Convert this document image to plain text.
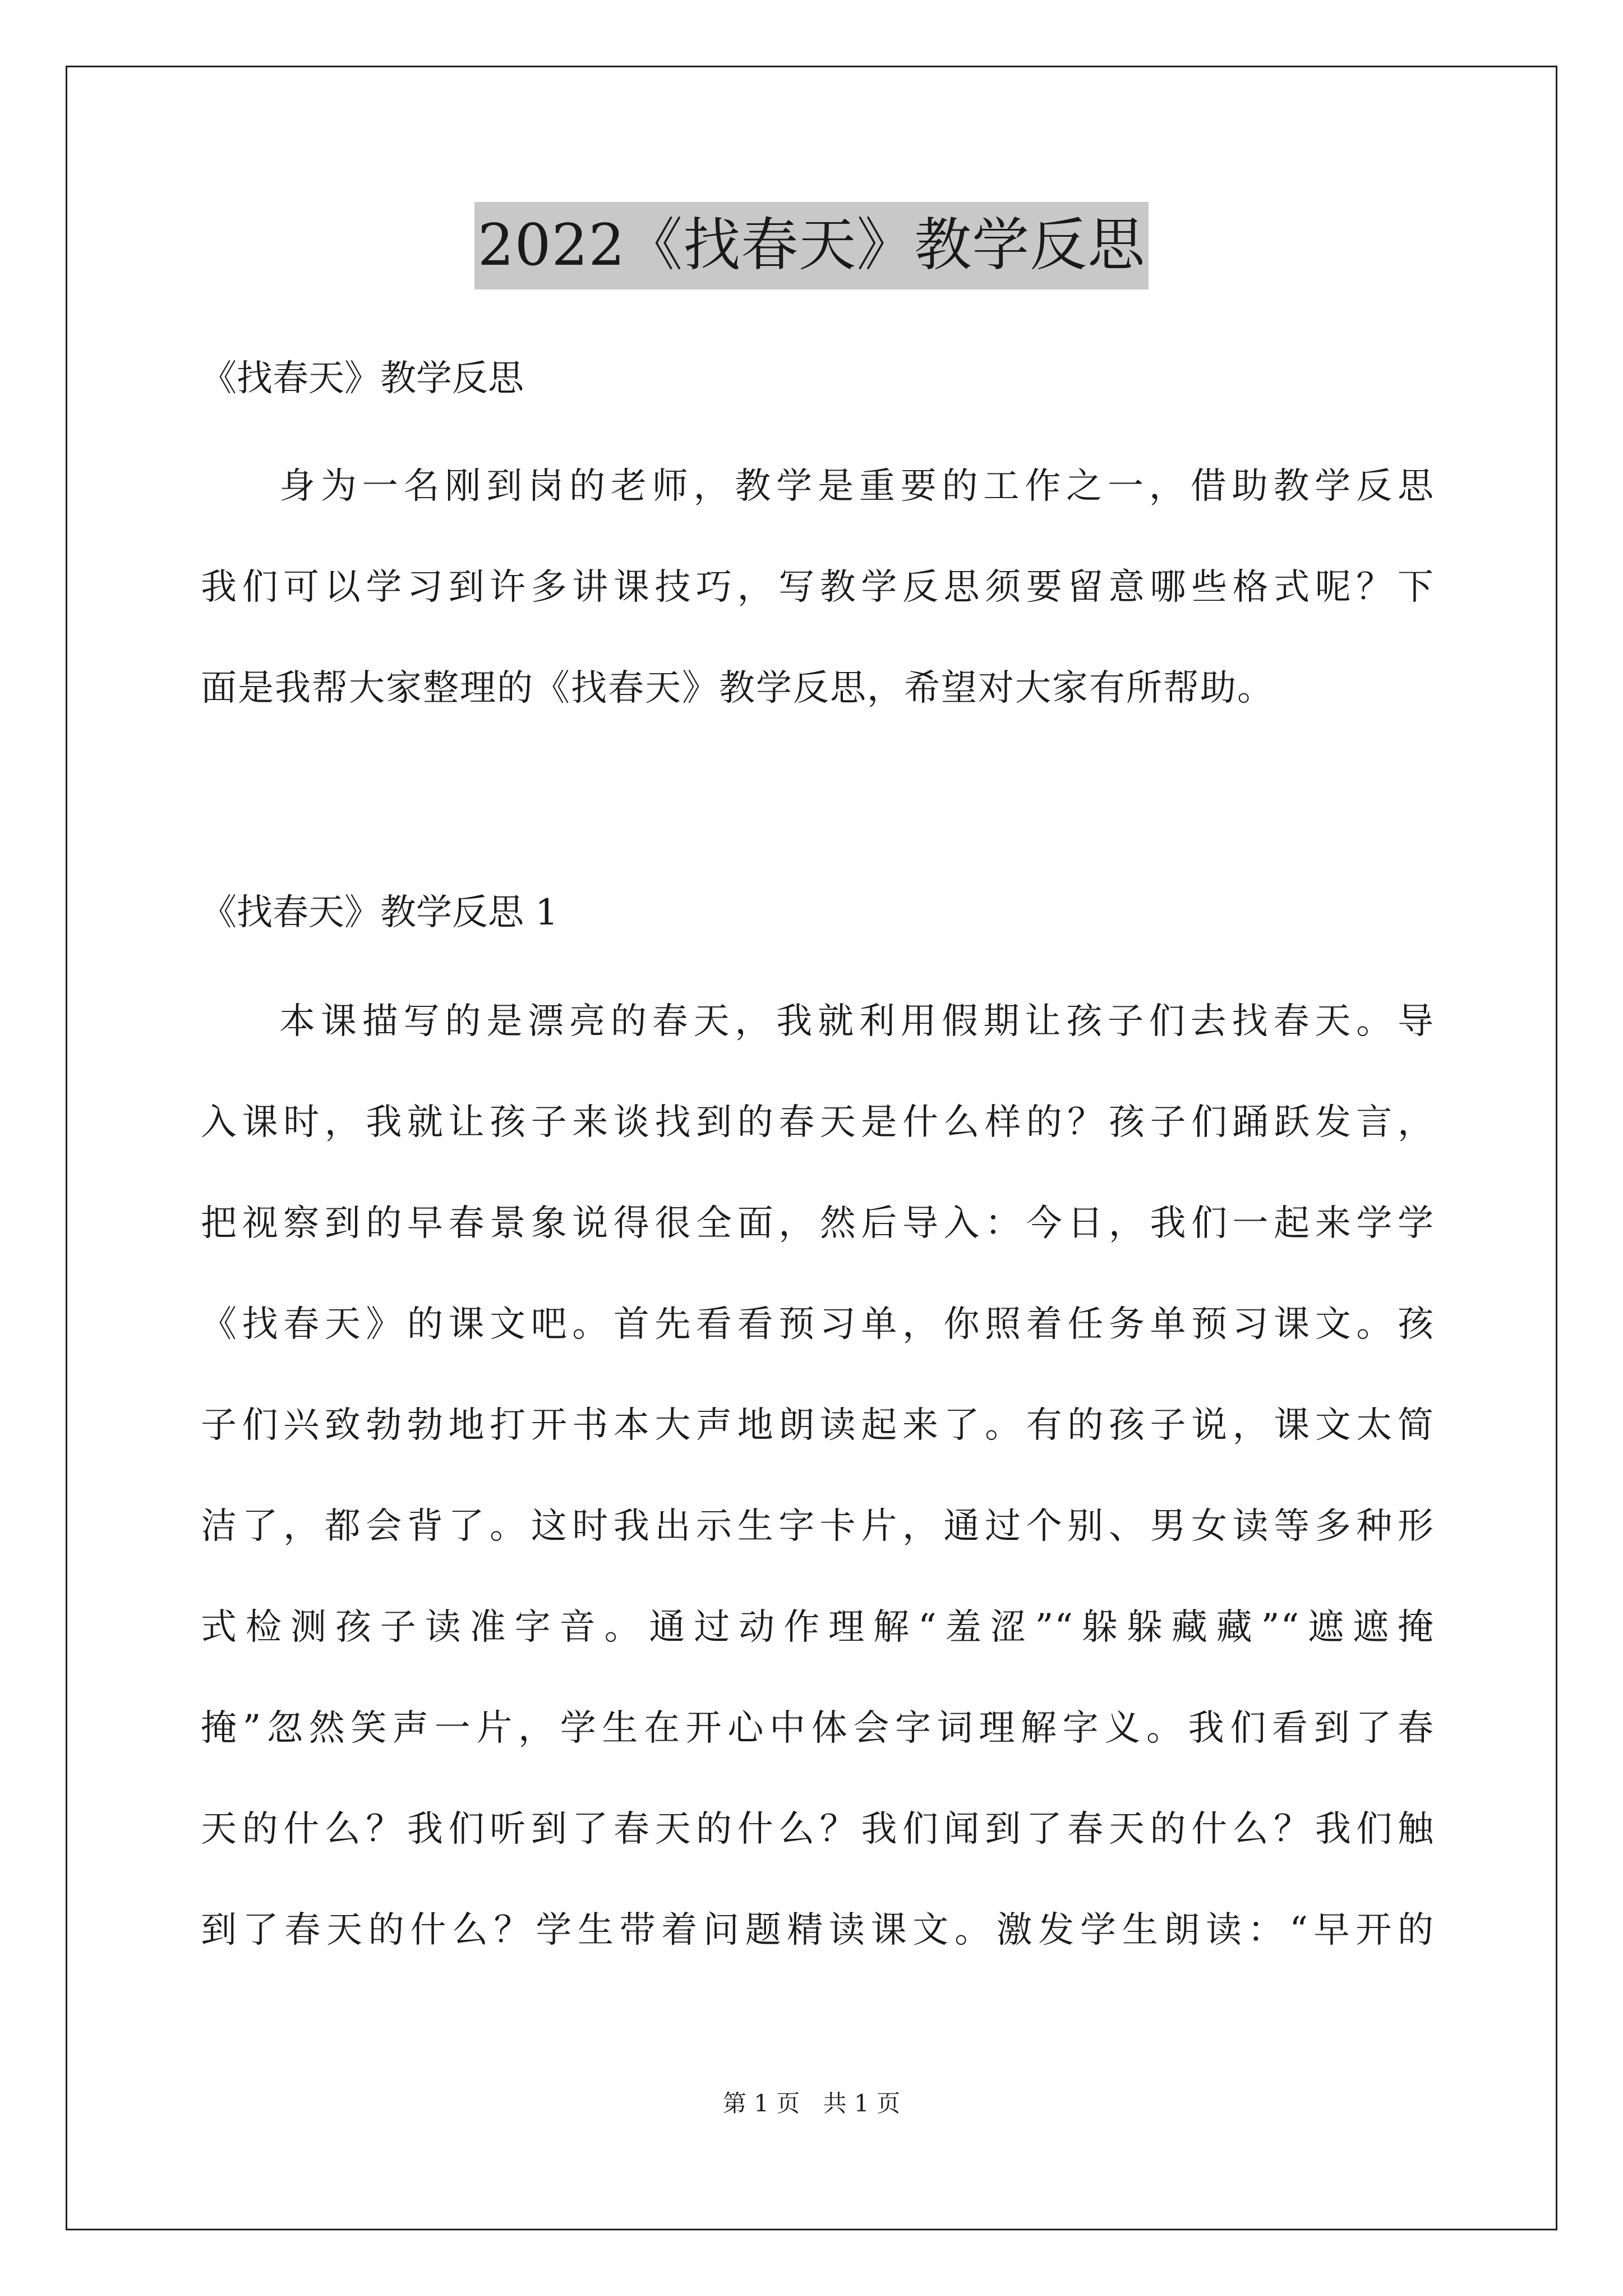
2022《找春天》教学反思
《找春天》教学反思
身为一名刚到岗的老师，教学是重要的工作之一，借助教学反思
我们可以学习到许多讲课技巧，写教学反思须要留意哪些格式呢？下
面是我帮大家整理的《找春天》教学反思，希望对大家有所帮助。
《找春天》教学反思 1
本课描写的是漂亮的春天，我就利用假期让孩子们去找春天。导
入课时，我就让孩子来谈找到的春天是什么样的？孩子们踊跃发言，
把视察到的早春景象说得很全面，然后导入：今日，我们一起来学学
《找春天》的课文吧。首先看看预习单，你照着任务单预习课文。孩
子们兴致勃勃地打开书本大声地朗读起来了。有的孩子说，课文太简
洁了，都会背了。这时我出示生字卡片，通过个别、男女读等多种形
式检测孩子读准字音。通过动作理解“羞涩”“躲躲藏藏”“遮遮掩
掩”忽然笑声一片，学生在开心中体会字词理解字义。我们看到了春
天的什么？我们听到了春天的什么？我们闻到了春天的什么？我们触
到了春天的什么？学生带着问题精读课文。激发学生朗读：“早开的
第 1 页 共 1 页
